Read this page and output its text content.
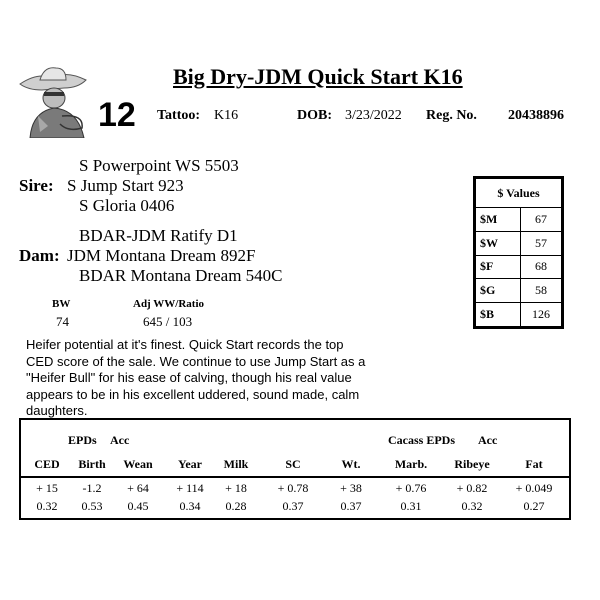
Big Dry-JDM Quick Start K16
12 Tattoo: K16	DOB: 3/23/2022 Reg. No. 20438896
S Powerpoint WS 5503
Sire: S Jump Start 923
S Gloria 0406
BDAR-JDM Ratify D1
Dam: JDM Montana Dream 892F
BDAR Montana Dream 540C
BW
74
Adj WW/Ratio
645 / 103
$ Values	
$M	67
$W	57
$F	68
$G	58
$B	126
Heifer potential at it's finest. Quick Start records the top CED score of the sale. We continue to use Jump Start as a "Heifer Bull" for his ease of calving, though his real value appears to be in his excellent uddered, sound made, calm daughters.
EPDs Acc	Cacass EPDs Acc
CED	Birth	Wean	Year	Milk	SC	Wt.	Marb.	Ribeye	Fat
+ 15	-1.2	+ 64	+ 114	+ 18	+ 0.78	+ 38	+ 0.76	+ 0.82	+ 0.049
0.32	0.53	0.45	0.34	0.28	0.37	0.37	0.31	0.32	0.27
